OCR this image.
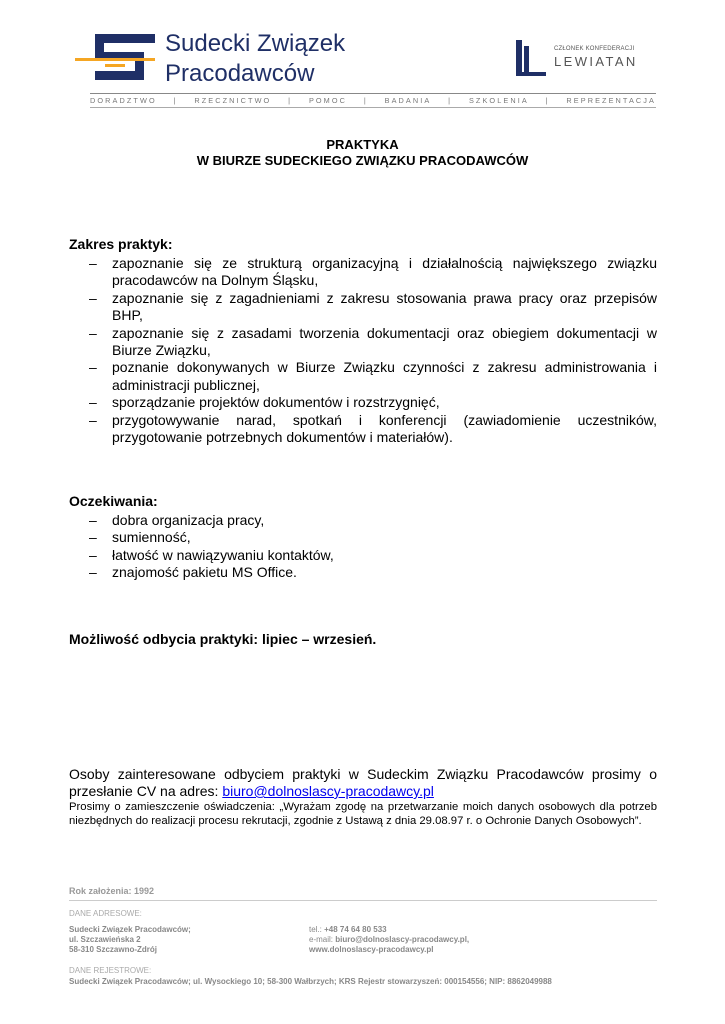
Sudecki Związek
Pracodawców
CZŁONEK KONFEDERACJI
LEWIATAN
DORADZTWO | RZECZNICTWO | POMOC | BADANIA | SZKOLENIA | REPREZENTACJA
PRAKTYKA
W BIURZE SUDECKIEGO ZWIĄZKU PRACODAWCÓW
Zakres praktyk:
– zapoznanie się ze strukturą organizacyjną i działalnością największego związku pracodawców na Dolnym Śląsku,
– zapoznanie się z zagadnieniami z zakresu stosowania prawa pracy oraz przepisów BHP,
– zapoznanie się z zasadami tworzenia dokumentacji oraz obiegiem dokumentacji w Biurze Związku,
– poznanie dokonywanych w Biurze Związku czynności z zakresu administrowania i administracji publicznej,
– sporządzanie projektów dokumentów i rozstrzygnięć,
– przygotowywanie narad, spotkań i konferencji (zawiadomienie uczestników, przygotowanie potrzebnych dokumentów i materiałów).
Oczekiwania:
– dobra organizacja pracy,
– sumienność,
– łatwość w nawiązywaniu kontaktów,
– znajomość pakietu MS Office.
Możliwość odbycia praktyki: lipiec – wrzesień.
Osoby zainteresowane odbyciem praktyki w Sudeckim Związku Pracodawców prosimy o przesłanie CV na adres: biuro@dolnoslascy-pracodawcy.pl
Prosimy o zamieszczenie oświadczenia: „Wyrażam zgodę na przetwarzanie moich danych osobowych dla potrzeb niezbędnych do realizacji procesu rekrutacji, zgodnie z Ustawą z dnia 29.08.97 r. o Ochronie Danych Osobowych”.
Rok założenia: 1992
DANE ADRESOWE:
Sudecki Związek Pracodawców;
ul. Szczawieńska 2
58-310 Szczawno-Zdrój
tel.: +48 74 64 80 533
e-mail: biuro@dolnoslascy-pracodawcy.pl,
www.dolnoslascy-pracodawcy.pl
DANE REJESTROWE:
Sudecki Związek Pracodawców; ul. Wysockiego 10; 58-300 Wałbrzych; KRS Rejestr stowarzyszeń: 000154556; NIP: 8862049988
